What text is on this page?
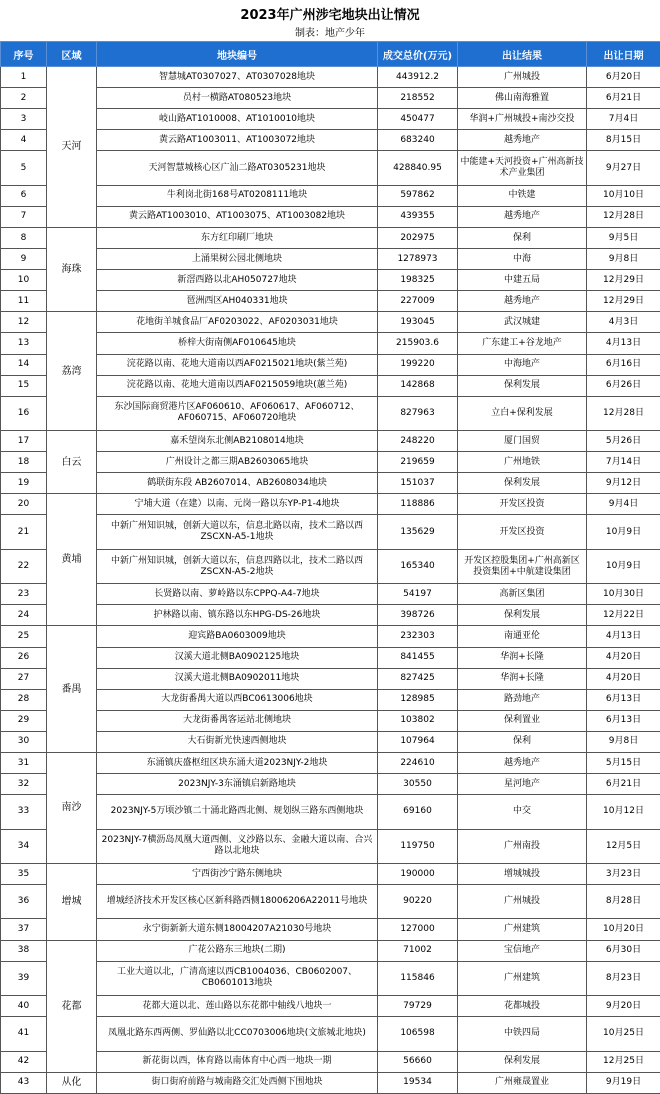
2023年广州涉宅地块出让情况
制表：地产少年
序号	区域	地块编号	成交总价(万元)	出让结果	出让日期
1	天河	智慧城AT0307027、AT0307028地块	443912.2	广州城投	6月20日
2		员村一横路AT080523地块	218552	佛山南海雅置	6月21日
3		岐山路AT1010008、AT1010010地块	450477	华润+广州城投+南沙交投	7月4日
4		黄云路AT1003011、AT1003072地块	683240	越秀地产	8月15日
5		天河智慧城核心区广汕二路AT0305231地块	428840.95	中能建+天河投资+广州高新技术产业集团	9月27日
6		牛利岗北街168号AT0208111地块	597862	中铁建	10月10日
7		黄云路AT1003010、AT1003075、AT1003082地块	439355	越秀地产	12月28日
8	海珠	东方红印刷厂地块	202975	保利	9月5日
9		上涌果树公园北侧地块	1278973	中海	9月8日
10		新滘西路以北AH050727地块	198325	中建五局	12月29日
11		琶洲西区AH040331地块	227009	越秀地产	12月29日
12	荔湾	花地街羊城食品厂AF0203022、AF0203031地块	193045	武汉城建	4月3日
13		桥梓大街南侧AF010645地块	215903.6	广东建工+谷龙地产	4月13日
14		浣花路以南、花地大道南以西AF0215021地块(紫兰苑)	199220	中海地产	6月16日
15		浣花路以南、花地大道南以西AF0215059地块(蕙兰苑)	142868	保利发展	6月26日
16		东沙国际商贸港片区AF060610、AF060617、AF060712、AF060715、AF060720地块	827963	立白+保利发展	12月28日
17	白云	嘉禾望岗东北侧AB2108014地块	248220	厦门国贸	5月26日
18		广州设计之都三期AB2603065地块	219659	广州地铁	7月14日
19		鹤联街东段 AB2607014、AB2608034地块	151037	保利发展	9月12日
20	黄埔	宁埔大道（在建）以南、元岗一路以东YP-P1-4地块	118886	开发区投资	9月4日
21		中新广州知识城，创新大道以东，信息北路以南，技术二路以西ZSCXN-A5-1地块	135629	开发区投资	10月9日
22		中新广州知识城，创新大道以东，信息四路以北，技术二路以西ZSCXN-A5-2地块	165340	开发区控股集团+广州高新区投资集团+中航建设集团	10月9日
23		长贤路以南、萝岭路以东CPPQ-A4-7地块	54197	高新区集团	10月30日
24		护林路以南、镇东路以东HPG-DS-26地块	398726	保利发展	12月22日
25	番禺	迎宾路BA0603009地块	232303	南通亚伦	4月13日
26		汉溪大道北侧BA0902125地块	841455	华润+长隆	4月20日
27		汉溪大道北侧BA0902011地块	827425	华润+长隆	4月20日
28		大龙街番禺大道以西BC0613006地块	128985	路劲地产	6月13日
29		大龙街番禺客运站北侧地块	103802	保利置业	6月13日
30		大石街新光快速西侧地块	107964	保利	9月8日
31	南沙	东涌镇庆盛枢纽区块东涌大道2023NJY-2地块	224610	越秀地产	5月15日
32		2023NJY-3东涌镇启新路地块	30550	星河地产	6月21日
33		2023NJY-5万顷沙镇二十涌北路西北侧、规划纵三路东西侧地块	69160	中交	10月12日
34		2023NJY-7横沥岛凤凰大道西侧、义沙路以东、金融大道以南、合兴路以北地块	119750	广州南投	12月5日
35	增城	宁西街沙宁路东侧地块	190000	增城城投	3月23日
36		增城经济技术开发区核心区新科路西侧18006206A22011号地块	90220	广州城投	8月28日
37		永宁街新新大道东侧18004207A21030号地块	127000	广州建筑	10月20日
38	花都	广花公路东三地块(二期)	71002	宝信地产	6月30日
39		工业大道以北，广清高速以西CB1004036、CB0602007、CB0601013地块	115846	广州建筑	8月23日
40		花都大道以北、莲山路以东花都中轴线八地块一	79729	花都城投	9月20日
41		凤凰北路东西两侧、罗仙路以北CC0703006地块(文旅城北地块)	106598	中铁四局	10月25日
42		新花街以西，体育路以南体育中心西一地块一期	56660	保利发展	12月25日
43	从化	街口街府前路与城南路交汇处西侧下围地块	19534	广州雍晟置业	9月19日
